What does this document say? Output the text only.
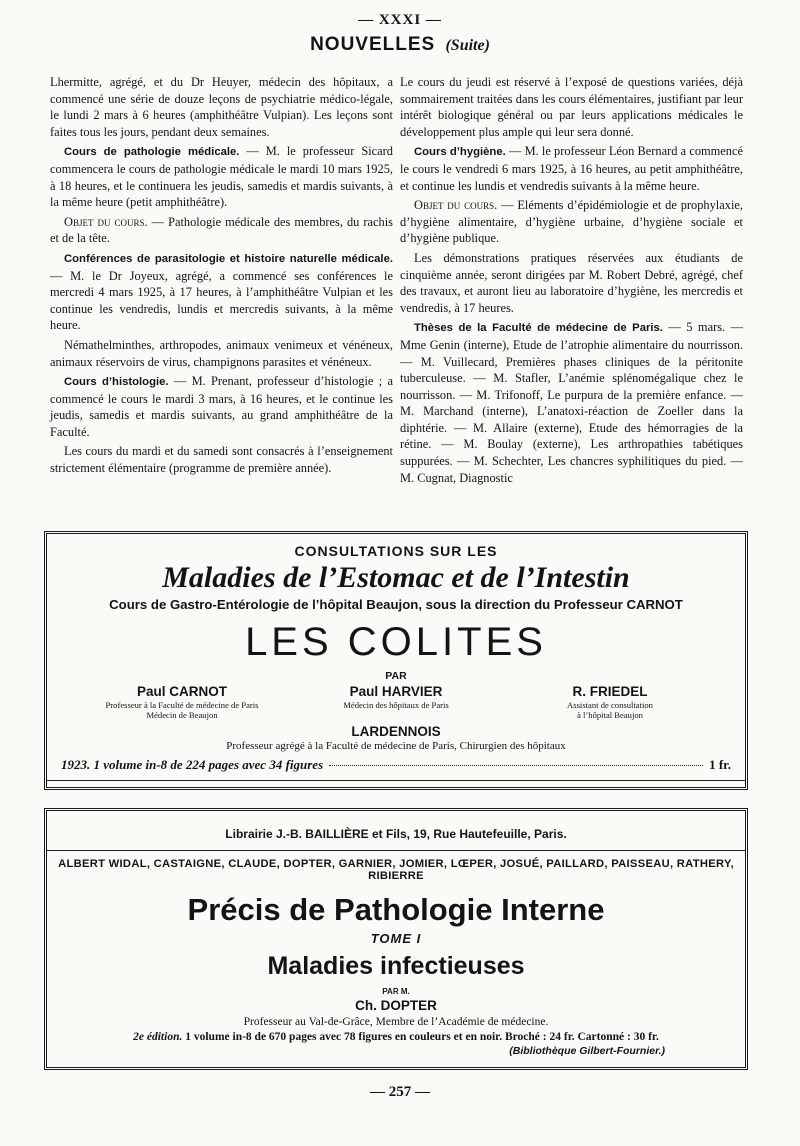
— XXXI —
NOUVELLES (Suite)

Lhermitte, agrégé, et du Dr Heuyer, médecin des hôpitaux, a commencé une série de douze leçons de psychiatrie médico-légale, le lundi 2 mars à 6 heures (amphithéâtre Vulpian). Les leçons sont faites tous les jours, pendant deux semaines.

Cours de pathologie médicale. — M. le professeur Sicard commencera le cours de pathologie médicale le mardi 10 mars 1925, à 18 heures, et le continuera les jeudis, samedis et mardis suivants, à la même heure (petit amphithéâtre).

Objet du cours. — Pathologie médicale des membres, du rachis et de la tête.

Conférences de parasitologie et histoire naturelle médicale. — M. le Dr Joyeux, agrégé, a commencé ses conférences le mercredi 4 mars 1925, à 17 heures, à l’amphithéâtre Vulpian et les continue les vendredis, lundis et mercredis suivants, à la même heure.

Némathelminthes, arthropodes, animaux venimeux et vénéneux, animaux réservoirs de virus, champignons parasites et vénéneux.

Cours d’histologie. — M. Prenant, professeur d’histologie ; a commencé le cours le mardi 3 mars, à 16 heures, et le continue les jeudis, samedis et mardis suivants, au grand amphithéâtre de la Faculté.

Les cours du mardi et du samedi sont consacrés à l’enseignement strictement élémentaire (programme de première année).

Le cours du jeudi est réservé à l’exposé de questions variées, déjà sommairement traitées dans les cours élémentaires, justifiant par leur intérêt biologique général ou par leurs applications médicales le développement plus ample qui leur sera donné.

Cours d’hygiène. — M. le professeur Léon Bernard a commencé le cours le vendredi 6 mars 1925, à 16 heures, au petit amphithéâtre, et continue les lundis et vendredis suivants à la même heure.

Objet du cours. — Eléments d’épidémiologie et de prophylaxie, d’hygiène alimentaire, d’hygiène urbaine, d’hygiène sociale et d’hygiène publique.

Les démonstrations pratiques réservées aux étudiants de cinquième année, seront dirigées par M. Robert Debré, agrégé, chef des travaux, et auront lieu au laboratoire d’hygiène, les mercredis et vendredis, à 17 heures.

Thèses de la Faculté de médecine de Paris. — 5 mars. — Mme Genin (interne), Etude de l’atrophie alimentaire du nourrisson. — M. Vuillecard, Premières phases cliniques de la péritonite tuberculeuse. — M. Stafler, L’anémie splénomégalique chez le nourrisson. — M. Trifonoff, Le purpura de la première enfance. — M. Marchand (interne), L’anatoxi-réaction de Zoeller dans la diphtérie. — M. Allaire (externe), Etude des hémorragies de la rétine. — M. Boulay (externe), Les arthropathies tabétiques suppurées. — M. Schechter, Les chancres syphilitiques du pied. — M. Cugnat, Diagnostic

CONSULTATIONS SUR LES
Maladies de l’Estomac et de l’Intestin
Cours de Gastro-Entérologie de l’hôpital Beaujon, sous la direction du Professeur CARNOT
LES COLITES
PAR
Paul CARNOT
Professeur à la Faculté de médecine de Paris
Médecin de Beaujon
Paul HARVIER
Médecin des hôpitaux de Paris
R. FRIEDEL
Assistant de consultation
à l’hôpital Beaujon
LARDENNOIS
Professeur agrégé à la Faculté de médecine de Paris, Chirurgien des hôpitaux
1923. 1 volume in-8 de 224 pages avec 34 figures	1 fr.
Librairie J.-B. BAILLIÈRE et Fils, 19, Rue Hautefeuille, Paris.
ALBERT WIDAL, CASTAIGNE, CLAUDE, DOPTER, GARNIER, JOMIER, LŒPER, JOSUÉ, PAILLARD, PAISSEAU, RATHERY, RIBIERRE
Précis de Pathologie Interne
TOME I
Maladies infectieuses
PAR M.
Ch. DOPTER
Professeur au Val-de-Grâce, Membre de l’Académie de médecine.
2e édition. 1 volume in-8 de 670 pages avec 78 figures en couleurs et en noir. Broché : 24 fr. Cartonné : 30 fr.
(Bibliothèque Gilbert-Fournier.)
— 257 —
